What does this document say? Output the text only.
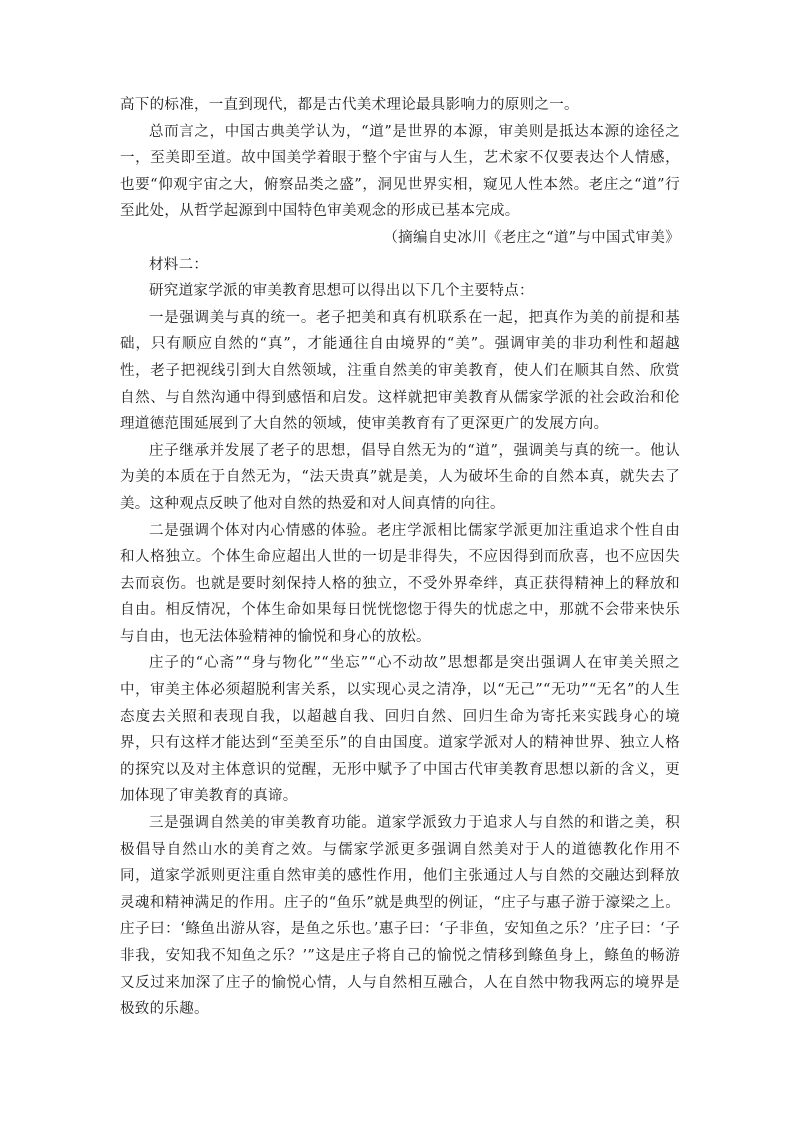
高下的标准，一直到现代，都是古代美术理论最具影响力的原则之一。

总而言之，中国古典美学认为，“道”是世界的本源，审美则是抵达本源的途径之一，至美即至道。故中国美学着眼于整个宇宙与人生，艺术家不仅要表达个人情感，也要“仰观宇宙之大，俯察品类之盛”，洞见世界实相，窥见人性本然。老庄之“道”行至此处，从哲学起源到中国特色审美观念的形成已基本完成。

（摘编自史冰川《老庄之“道”与中国式审美》

材料二：

研究道家学派的审美教育思想可以得出以下几个主要特点：

一是强调美与真的统一。老子把美和真有机联系在一起，把真作为美的前提和基础，只有顺应自然的“真”，才能通往自由境界的“美”。强调审美的非功利性和超越性，老子把视线引到大自然领域，注重自然美的审美教育，使人们在顺其自然、欣赏自然、与自然沟通中得到感悟和启发。这样就把审美教育从儒家学派的社会政治和伦理道德范围延展到了大自然的领域，使审美教育有了更深更广的发展方向。

庄子继承并发展了老子的思想，倡导自然无为的“道”，强调美与真的统一。他认为美的本质在于自然无为，“法天贵真”就是美，人为破坏生命的自然本真，就失去了美。这种观点反映了他对自然的热爱和对人间真情的向往。

二是强调个体对内心情感的体验。老庄学派相比儒家学派更加注重追求个性自由和人格独立。个体生命应超出人世的一切是非得失，不应因得到而欣喜，也不应因失去而哀伤。也就是要时刻保持人格的独立，不受外界牵绊，真正获得精神上的释放和自由。相反情况，个体生命如果每日恍恍惚惚于得失的忧虑之中，那就不会带来快乐与自由，也无法体验精神的愉悦和身心的放松。

庄子的“心斋”“身与物化”“坐忘”“心不动故”思想都是突出强调人在审美关照之中，审美主体必须超脱利害关系，以实现心灵之清净，以“无己”“无功”“无名”的人生态度去关照和表现自我，以超越自我、回归自然、回归生命为寄托来实践身心的境界，只有这样才能达到“至美至乐”的自由国度。道家学派对人的精神世界、独立人格的探究以及对主体意识的觉醒，无形中赋予了中国古代审美教育思想以新的含义，更加体现了审美教育的真谛。

三是强调自然美的审美教育功能。道家学派致力于追求人与自然的和谐之美，积极倡导自然山水的美育之效。与儒家学派更多强调自然美对于人的道德教化作用不同，道家学派则更注重自然审美的感性作用，他们主张通过人与自然的交融达到释放灵魂和精神满足的作用。庄子的“鱼乐”就是典型的例证，“庄子与惠子游于濠梁之上。庄子曰：‘鲦鱼出游从容，是鱼之乐也。’惠子曰：‘子非鱼，安知鱼之乐？’庄子曰：‘子非我，安知我不知鱼之乐？’”这是庄子将自己的愉悦之情移到鲦鱼身上，鲦鱼的畅游又反过来加深了庄子的愉悦心情，人与自然相互融合，人在自然中物我两忘的境界是极致的乐趣。
